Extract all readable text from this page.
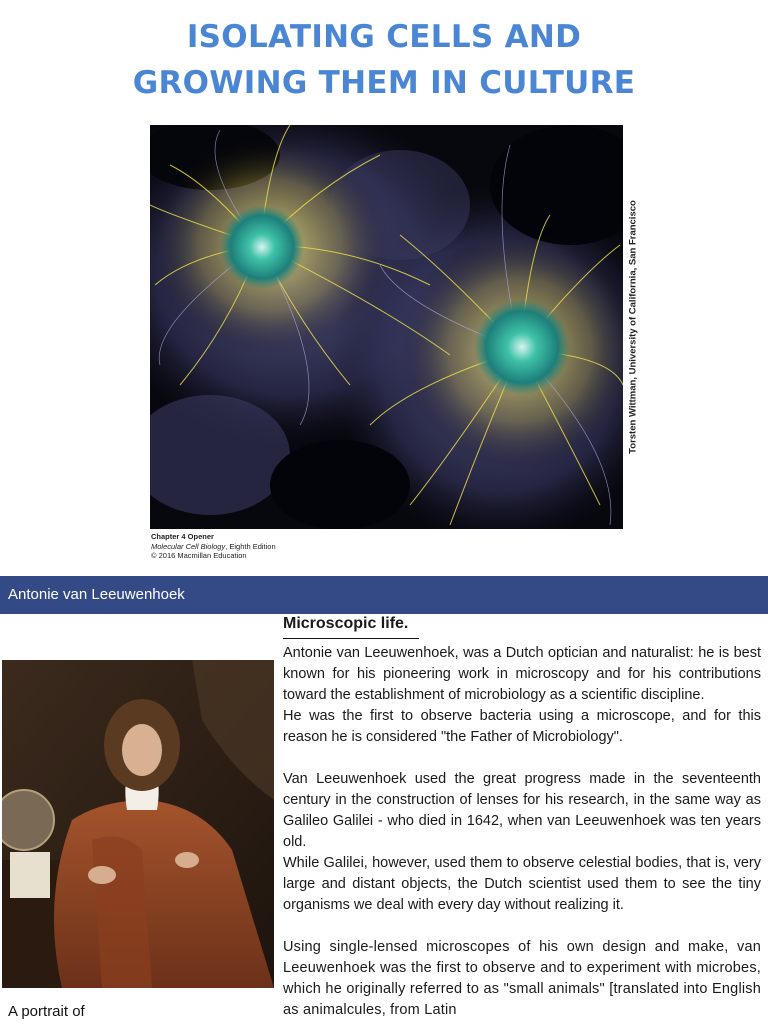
ISOLATING CELLS AND
GROWING THEM IN CULTURE
Torsten Wittman, University of California, San Francisco
Chapter 4 Opener
Molecular Cell Biology, Eighth Edition
© 2016 Macmillan Education
Antonie van Leeuwenhoek
A portrait of
Microscopic life.

Antonie van Leeuwenhoek, was a Dutch optician and naturalist: he is best known for his pioneering work in microscopy and for his contributions toward the establishment of microbiology as a scientific discipline.

He was the first to observe bacteria using a microscope, and for this reason he is considered "the Father of Microbiology".

Van Leeuwenhoek used the great progress made in the seventeenth century in the construction of lenses for his research, in the same way as Galileo Galilei - who died in 1642, when van Leeuwenhoek was ten years old.

While Galilei, however, used them to observe celestial bodies, that is, very large and distant objects, the Dutch scientist used them to see the tiny organisms we deal with every day without realizing it.

Using single-lensed microscopes of his own design and make, van Leeuwenhoek was the first to observe and to experiment with microbes, which he originally referred to as "small animals" [translated into English as animalcules, from Latin
